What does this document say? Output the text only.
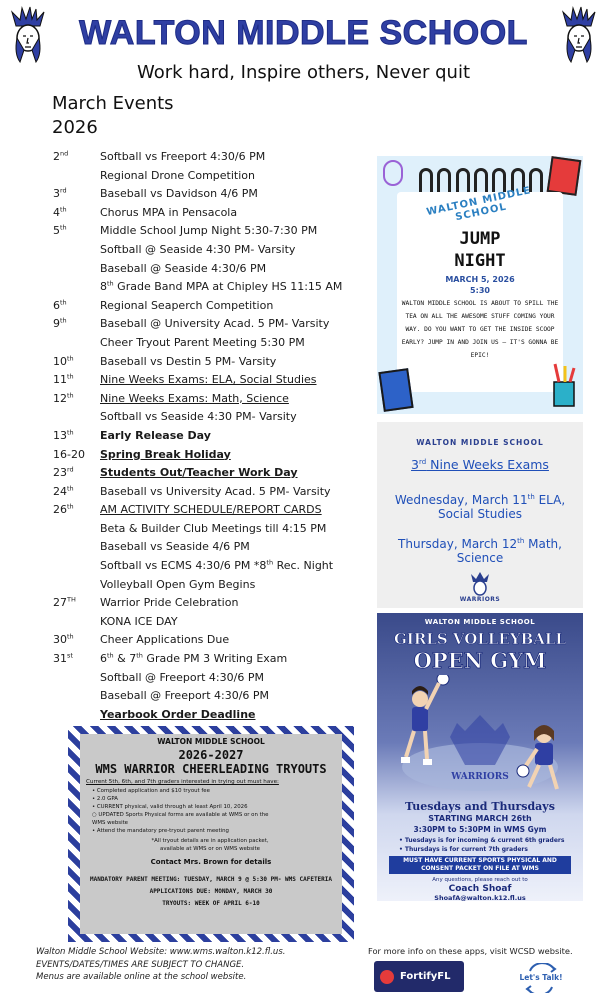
WALTON MIDDLE SCHOOL
Work hard, Inspire others, Never quit
March Events
2026
2nd	Softball vs Freeport 4:30/6 PM
Regional Drone Competition
3rd	Baseball vs Davidson 4/6 PM
4th	Chorus MPA in Pensacola
5th	Middle School Jump Night 5:30-7:30 PM
Softball @ Seaside 4:30 PM- Varsity
Baseball @ Seaside 4:30/6 PM
8th Grade Band MPA at Chipley HS 11:15 AM
6th	Regional Seaperch Competition
9th	Baseball @ University Acad. 5 PM- Varsity
Cheer Tryout Parent Meeting 5:30 PM
10th	Baseball vs Destin 5 PM- Varsity
11th	Nine Weeks Exams: ELA, Social Studies
12th	Nine Weeks Exams: Math, Science
Softball vs Seaside 4:30 PM- Varsity
13th	Early Release Day
16-20	Spring Break Holiday
23rd	Students Out/Teacher Work Day
24th	Baseball vs University Acad. 5 PM- Varsity
26th	AM ACTIVITY SCHEDULE/REPORT CARDS
Beta & Builder Club Meetings till 4:15 PM
Baseball vs Seaside 4/6 PM
Softball vs ECMS 4:30/6 PM *8th Rec. Night
Volleyball Open Gym Begins
27TH	Warrior Pride Celebration
KONA ICE DAY
30th	Cheer Applications Due
31st	6th & 7th Grade PM 3 Writing Exam
Softball @ Freeport 4:30/6 PM
Baseball @ Freeport 4:30/6 PM
Yearbook Order Deadline
WALTON MIDDLE SCHOOL
JUMP
NIGHT
MARCH 5, 2026
5:30
WALTON MIDDLE SCHOOL IS ABOUT TO SPILL THE TEA ON ALL THE AWESOME STUFF COMING YOUR WAY. DO YOU WANT TO GET THE INSIDE SCOOP EARLY? JUMP IN AND JOIN US — IT'S GONNA BE EPIC!
WALTON MIDDLE SCHOOL
3rd Nine Weeks Exams
Wednesday, March 11th ELA,
Social Studies
Thursday, March 12th Math,
Science
WARRIORS
WALTON MIDDLE SCHOOL
GIRLS VOLLEYBALL
OPEN GYM
WARRIORS
Tuesdays and Thursdays
STARTING MARCH 26th
3:30PM to 5:30PM in WMS Gym
• Tuesdays is for incoming & current 6th graders
• Thursdays is for current 7th graders
MUST HAVE CURRENT SPORTS PHYSICAL AND CONSENT PACKET ON FILE AT WMS
Any questions, please reach out to
Coach Shoaf
ShoafA@walton.k12.fl.us
WALTON MIDDLE SCHOOL
2026-2027
WMS WARRIOR CHEERLEADING TRYOUTS
Current 5th, 6th, and 7th graders interested in trying out must have:
• Completed application and $10 tryout fee
• 2.0 GPA
• CURRENT physical, valid through at least April 10, 2026
○ UPDATED Sports Physical forms are available at WMS or on the
WMS website
• Attend the mandatory pre-tryout parent meeting
*All tryout details are in application packet,
available at WMS or on WMS website
Contact Mrs. Brown for details
MANDATORY PARENT MEETING: TUESDAY, MARCH 9 @ 5:30 PM- WMS CAFETERIA
APPLICATIONS DUE: MONDAY, MARCH 30
TRYOUTS: WEEK OF APRIL 6-10
Walton Middle School Website: www.wms.walton.k12.fl.us.
EVENTS/DATES/TIMES ARE SUBJECT TO CHANGE.
Menus are available online at the school website.
For more info on these apps, visit WCSD website.
FortifyFL	Let's Talk!
